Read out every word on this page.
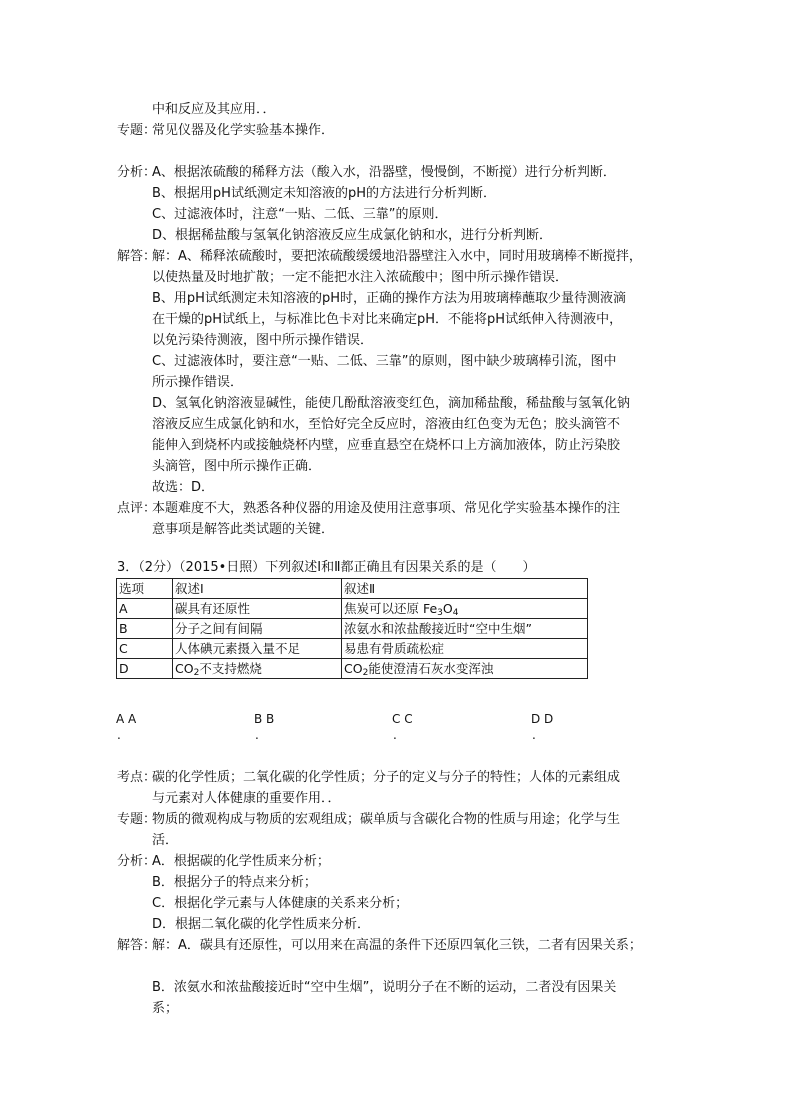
中和反应及其应用．．
专题：
常见仪器及化学实验基本操作．
分析：
A、根据浓硫酸的稀释方法（酸入水，沿器壁，慢慢倒，不断搅）进行分析判断．
B、根据用pH试纸测定未知溶液的pH的方法进行分析判断．
C、过滤液体时，注意“一贴、二低、三靠”的原则．
D、根据稀盐酸与氢氧化钠溶液反应生成氯化钠和水，进行分析判断．
解答：
解：A、稀释浓硫酸时，要把浓硫酸缓缓地沿器壁注入水中，同时用玻璃棒不断搅拌，
以使热量及时地扩散；一定不能把水注入浓硫酸中；图中所示操作错误．
B、用pH试纸测定未知溶液的pH时，正确的操作方法为用玻璃棒蘸取少量待测液滴
在干燥的pH试纸上，与标准比色卡对比来确定pH．不能将pH试纸伸入待测液中，
以免污染待测液，图中所示操作错误．
C、过滤液体时，要注意“一贴、二低、三靠”的原则，图中缺少玻璃棒引流，图中
所示操作错误．
D、氢氧化钠溶液显碱性，能使几酚酞溶液变红色，滴加稀盐酸，稀盐酸与氢氧化钠
溶液反应生成氯化钠和水，至恰好完全反应时，溶液由红色变为无色；胶头滴管不
能伸入到烧杯内或接触烧杯内壁，应垂直悬空在烧杯口上方滴加液体，防止污染胶
头滴管，图中所示操作正确．
故选：D．
点评：
本题难度不大，熟悉各种仪器的用途及使用注意事项、常见化学实验基本操作的注
意事项是解答此类试题的关键．
3．（2分）（2015•日照）下列叙述Ⅰ和Ⅱ都正确且有因果关系的是（　　）
选项	叙述Ⅰ	叙述Ⅱ
A	碳具有还原性	焦炭可以还原 $Fe_3O_4$
B	分子之间有间隔	浓氨水和浓盐酸接近时“空中生烟”
C	人体碘元素摄入量不足	易患有骨质疏松症
D	$CO_2$不支持燃烧	$CO_2$能使澄清石灰水变浑浊
A A	B B	C C	D D
.	.	.	.
考点：
碳的化学性质；二氧化碳的化学性质；分子的定义与分子的特性；人体的元素组成
与元素对人体健康的重要作用．．
专题：
物质的微观构成与物质的宏观组成；碳单质与含碳化合物的性质与用途；化学与生
活．
分析：
A．根据碳的化学性质来分析；
B．根据分子的特点来分析；
C．根据化学元素与人体健康的关系来分析；
D．根据二氧化碳的化学性质来分析．
解答：
解：A．碳具有还原性，可以用来在高温的条件下还原四氧化三铁，二者有因果关系；
B．浓氨水和浓盐酸接近时“空中生烟”，说明分子在不断的运动，二者没有因果关
系；
